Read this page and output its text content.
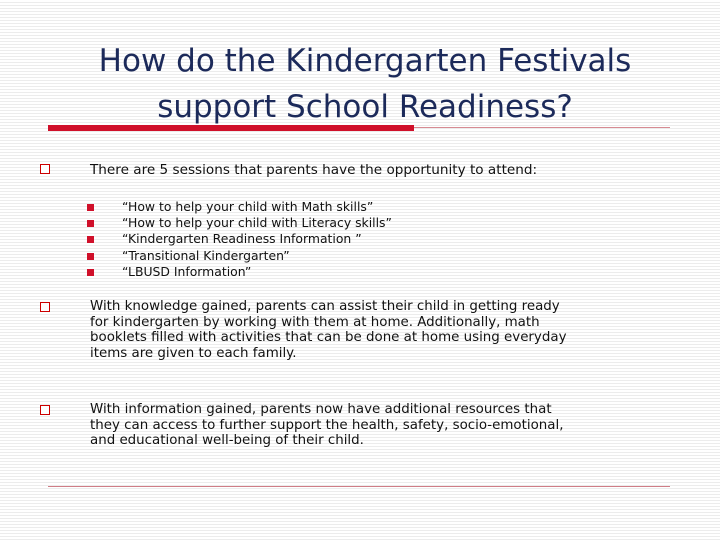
How do the Kindergarten Festivals
support School Readiness?
There are 5 sessions that parents have the opportunity to attend:
“How to help your child with Math skills”
“How to help your child with Literacy skills”
“Kindergarten Readiness Information ”
“Transitional Kindergarten”
“LBUSD Information”
With knowledge gained, parents can assist their child in getting ready
for kindergarten by working with them at home. Additionally, math
booklets filled with activities that can be done at home using everyday
items are given to each family.
With information gained, parents now have additional resources that
they can access to further support the health, safety, socio-emotional,
and educational well-being of their child.
